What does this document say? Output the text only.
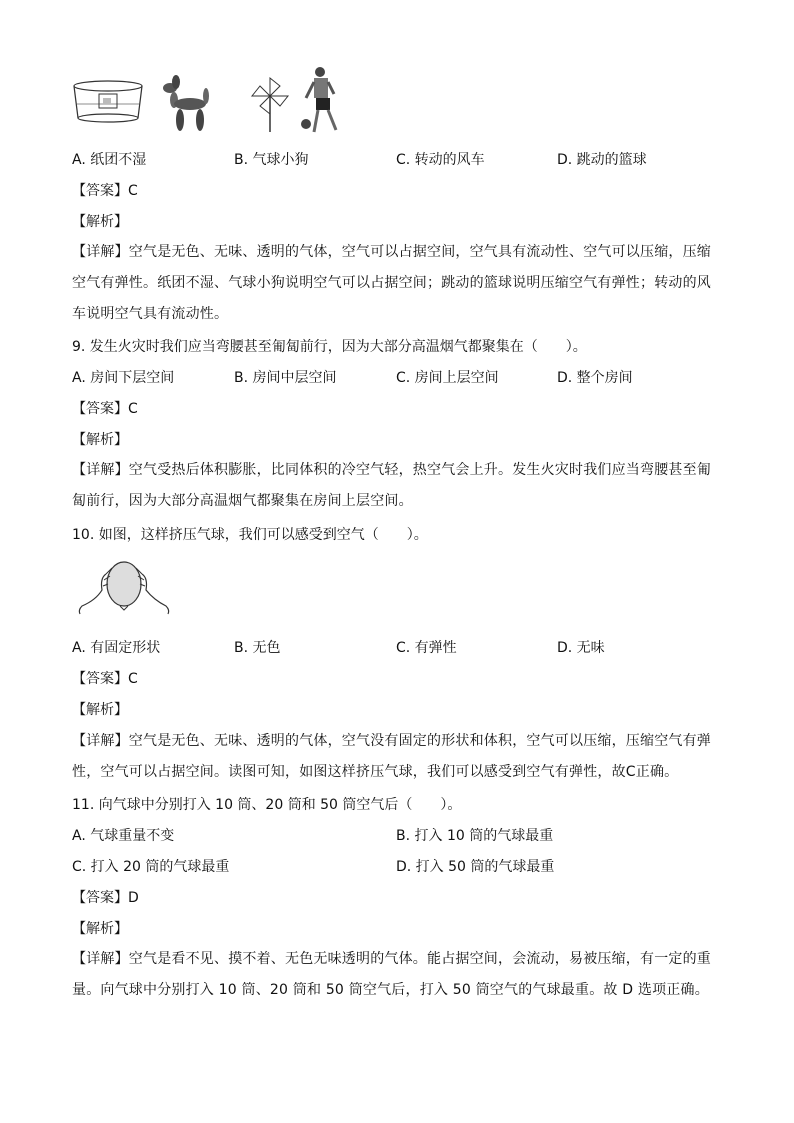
A. 纸团不湿	B. 气球小狗	C. 转动的风车	D. 跳动的篮球
【答案】C
【解析】
【详解】空气是无色、无味、透明的气体，空气可以占据空间，空气具有流动性、空气可以压缩，压缩空气有弹性。纸团不湿、气球小狗说明空气可以占据空间；跳动的篮球说明压缩空气有弹性；转动的风车说明空气具有流动性。
9. 发生火灾时我们应当弯腰甚至匍匐前行，因为大部分高温烟气都聚集在（　　）。
A. 房间下层空间	B. 房间中层空间	C. 房间上层空间	D. 整个房间
【答案】C
【解析】
【详解】空气受热后体积膨胀，比同体积的冷空气轻，热空气会上升。发生火灾时我们应当弯腰甚至匍匐前行，因为大部分高温烟气都聚集在房间上层空间。
10. 如图，这样挤压气球，我们可以感受到空气（　　）。
A. 有固定形状	B. 无色	C. 有弹性	D. 无味
【答案】C
【解析】
【详解】空气是无色、无味、透明的气体，空气没有固定的形状和体积，空气可以压缩，压缩空气有弹性，空气可以占据空间。读图可知，如图这样挤压气球，我们可以感受到空气有弹性，故C正确。
11. 向气球中分别打入 10 筒、20 筒和 50 筒空气后（　　）。
A. 气球重量不变	B. 打入 10 筒的气球最重
C. 打入 20 筒的气球最重	D. 打入 50 筒的气球最重
【答案】D
【解析】
【详解】空气是看不见、摸不着、无色无味透明的气体。能占据空间，会流动，易被压缩，有一定的重量。向气球中分别打入 10 筒、20 筒和 50 筒空气后，打入 50 筒空气的气球最重。故 D 选项正确。
